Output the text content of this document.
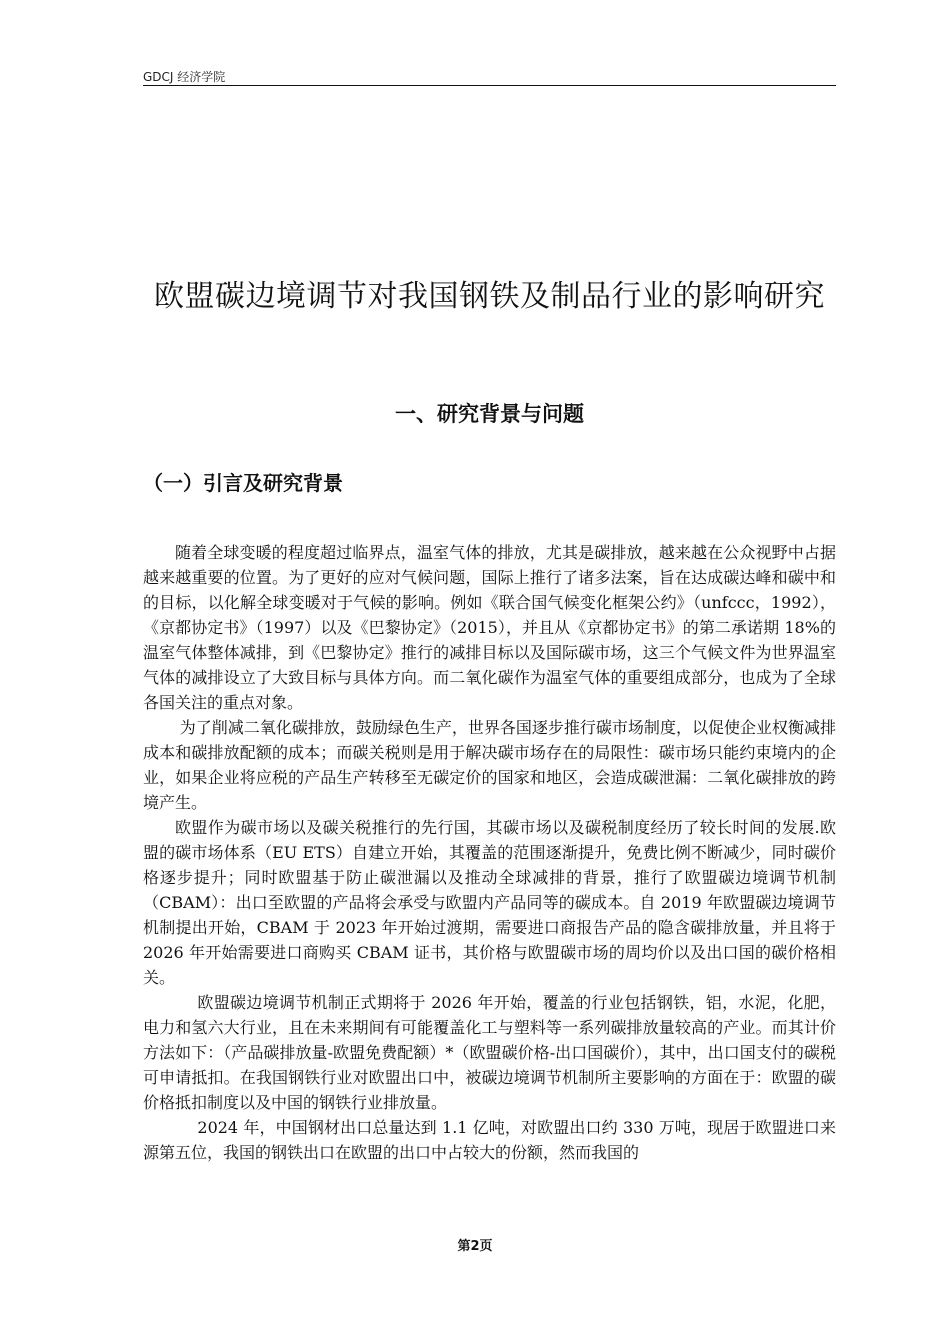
GDCJ 经济学院
欧盟碳边境调节对我国钢铁及制品行业的影响研究
一、研究背景与问题
（一）引言及研究背景

随着全球变暖的程度超过临界点，温室气体的排放，尤其是碳排放，越来越在公众视野中占据越来越重要的位置。为了更好的应对气候问题，国际上推行了诸多法案，旨在达成碳达峰和碳中和的目标，以化解全球变暖对于气候的影响。例如《联合国气候变化框架公约》（unfccc，1992），《京都协定书》（1997）以及《巴黎协定》（2015），并且从《京都协定书》的第二承诺期 18%的温室气体整体减排，到《巴黎协定》推行的减排目标以及国际碳市场，这三个气候文件为世界温室气体的减排设立了大致目标与具体方向。而二氧化碳作为温室气体的重要组成部分，也成为了全球各国关注的重点对象。

为了削减二氧化碳排放，鼓励绿色生产，世界各国逐步推行碳市场制度，以促使企业权衡减排成本和碳排放配额的成本；而碳关税则是用于解决碳市场存在的局限性：碳市场只能约束境内的企业，如果企业将应税的产品生产转移至无碳定价的国家和地区，会造成碳泄漏：二氧化碳排放的跨境产生。

欧盟作为碳市场以及碳关税推行的先行国，其碳市场以及碳税制度经历了较长时间的发展.欧盟的碳市场体系（EU ETS）自建立开始，其覆盖的范围逐渐提升，免费比例不断减少，同时碳价格逐步提升；同时欧盟基于防止碳泄漏以及推动全球减排的背景，推行了欧盟碳边境调节机制（CBAM）：出口至欧盟的产品将会承受与欧盟内产品同等的碳成本。自 2019 年欧盟碳边境调节机制提出开始，CBAM 于 2023 年开始过渡期，需要进口商报告产品的隐含碳排放量，并且将于 2026 年开始需要进口商购买 CBAM 证书，其价格与欧盟碳市场的周均价以及出口国的碳价格相关。

欧盟碳边境调节机制正式期将于 2026 年开始，覆盖的行业包括钢铁，铝，水泥，化肥，电力和氢六大行业，且在未来期间有可能覆盖化工与塑料等一系列碳排放量较高的产业。而其计价方法如下：（产品碳排放量-欧盟免费配额）*（欧盟碳价格-出口国碳价），其中，出口国支付的碳税可申请抵扣。在我国钢铁行业对欧盟出口中，被碳边境调节机制所主要影响的方面在于：欧盟的碳价格抵扣制度以及中国的钢铁行业排放量。

2024 年，中国钢材出口总量达到 1.1 亿吨，对欧盟出口约 330 万吨，现居于欧盟进口来源第五位，我国的钢铁出口在欧盟的出口中占较大的份额，然而我国的

第2页
